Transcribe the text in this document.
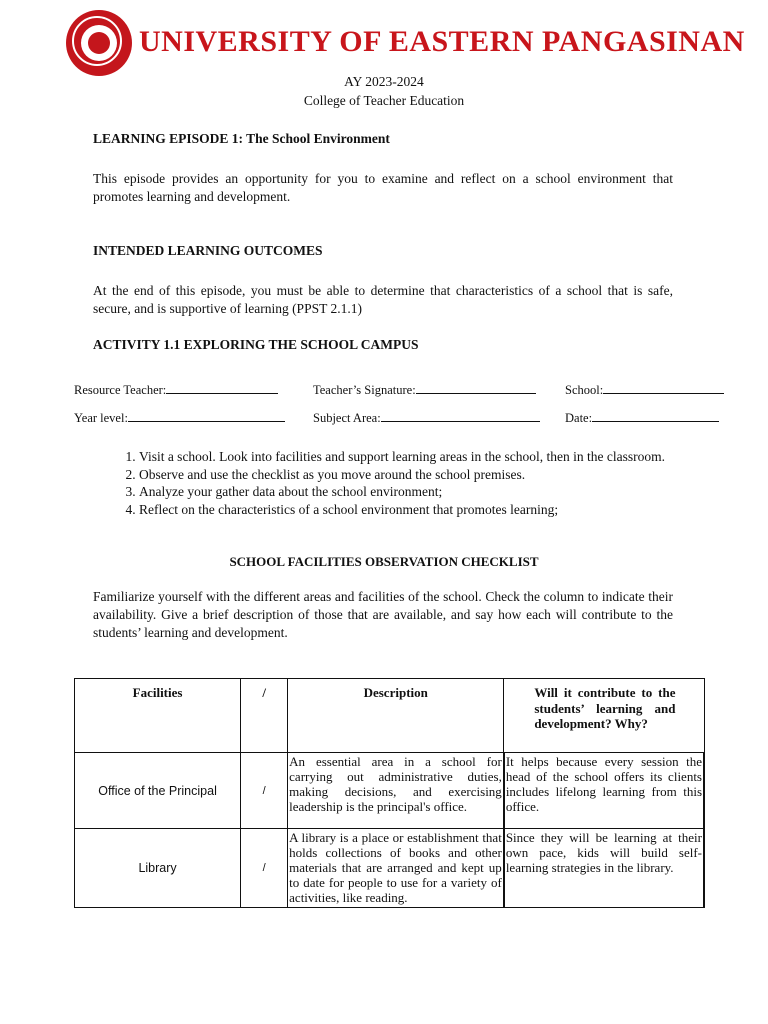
UNIVERSITY OF EASTERN PANGASINAN
AY 2023-2024
College of Teacher Education
LEARNING EPISODE 1: The School Environment
This episode provides an opportunity for you to examine and reflect on a school environment that promotes learning and development.
INTENDED LEARNING OUTCOMES
At the end of this episode, you must be able to determine that characteristics of a school that is safe, secure, and is supportive of learning (PPST 2.1.1)
ACTIVITY 1.1 EXPLORING THE SCHOOL CAMPUS
Resource Teacher:	Teacher’s Signature:	School:
Year level:	Subject Area:	Date:
1. Visit a school. Look into facilities and support learning areas in the school, then in the classroom.
2. Observe and use the checklist as you move around the school premises.
3. Analyze your gather data about the school environment;
4. Reflect on the characteristics of a school environment that promotes learning;
SCHOOL FACILITIES OBSERVATION CHECKLIST
Familiarize yourself with the different areas and facilities of the school. Check the column to indicate their availability. Give a brief description of those that are available, and say how each will contribute to the students’ learning and development.
Facilities	/	Description	Will it contribute to the students’ learning and development? Why?
Office of the Principal	/	An essential area in a school for carrying out administrative duties, making decisions, and exercising leadership is the principal's office.	It helps because every session the head of the school offers its clients includes lifelong learning from this office.
Library	/	A library is a place or establishment that holds collections of books and other materials that are arranged and kept up to date for people to use for a variety of activities, like reading.	Since they will be learning at their own pace, kids will build self-learning strategies in the library.
